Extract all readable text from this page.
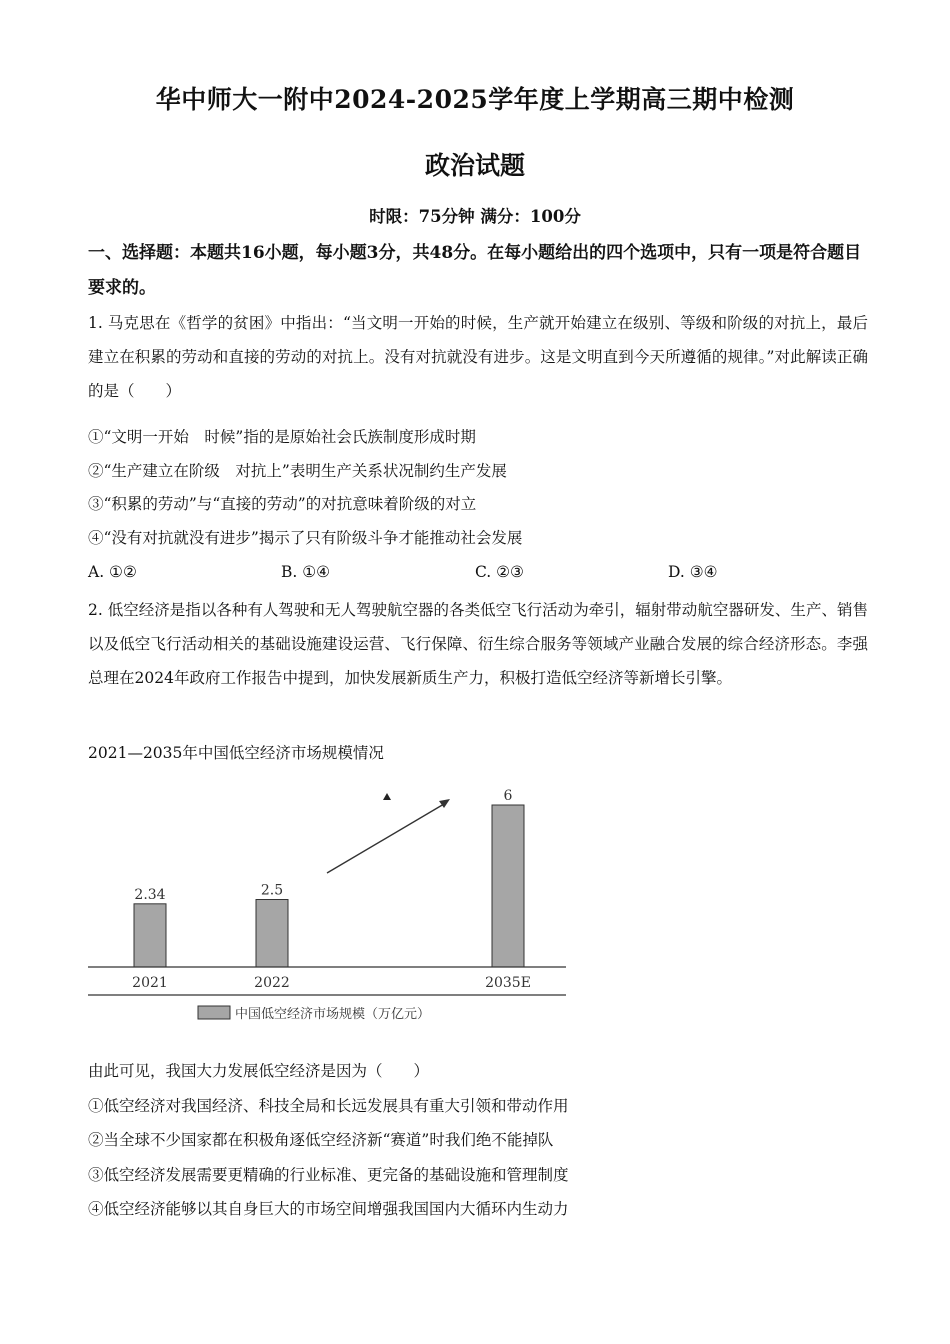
华中师大一附中2024-2025学年度上学期高三期中检测
政治试题
时限：75分钟 满分：100分
一、选择题：本题共16小题，每小题3分，共48分。在每小题给出的四个选项中，只有一项是符合题目要求的。
1. 马克思在《哲学的贫困》中指出：“当文明一开始的时候，生产就开始建立在级别、等级和阶级的对抗上，最后建立在积累的劳动和直接的劳动的对抗上。没有对抗就没有进步。这是文明直到今天所遵循的规律。”对此解读正确的是（　　）
①“文明一开始　时候”指的是原始社会氏族制度形成时期
②“生产建立在阶级　对抗上”表明生产关系状况制约生产发展
③“积累的劳动”与“直接的劳动”的对抗意味着阶级的对立
④“没有对抗就没有进步”揭示了只有阶级斗争才能推动社会发展
A. ①②	B. ①④	C. ②③	D. ③④
2. 低空经济是指以各种有人驾驶和无人驾驶航空器的各类低空飞行活动为牵引，辐射带动航空器研发、生产、销售以及低空飞行活动相关的基础设施建设运营、飞行保障、衍生综合服务等领域产业融合发展的综合经济形态。李强总理在2024年政府工作报告中提到，加快发展新质生产力，积极打造低空经济等新增长引擎。
2021—2035年中国低空经济市场规模情况
2.34
2021
2.5
2022
6
2035E
中国低空经济市场规模（万亿元）
由此可见，我国大力发展低空经济是因为（　　）
①低空经济对我国经济、科技全局和长远发展具有重大引领和带动作用
②当全球不少国家都在积极角逐低空经济新“赛道”时我们绝不能掉队
③低空经济发展需要更精确的行业标准、更完备的基础设施和管理制度
④低空经济能够以其自身巨大的市场空间增强我国国内大循环内生动力
